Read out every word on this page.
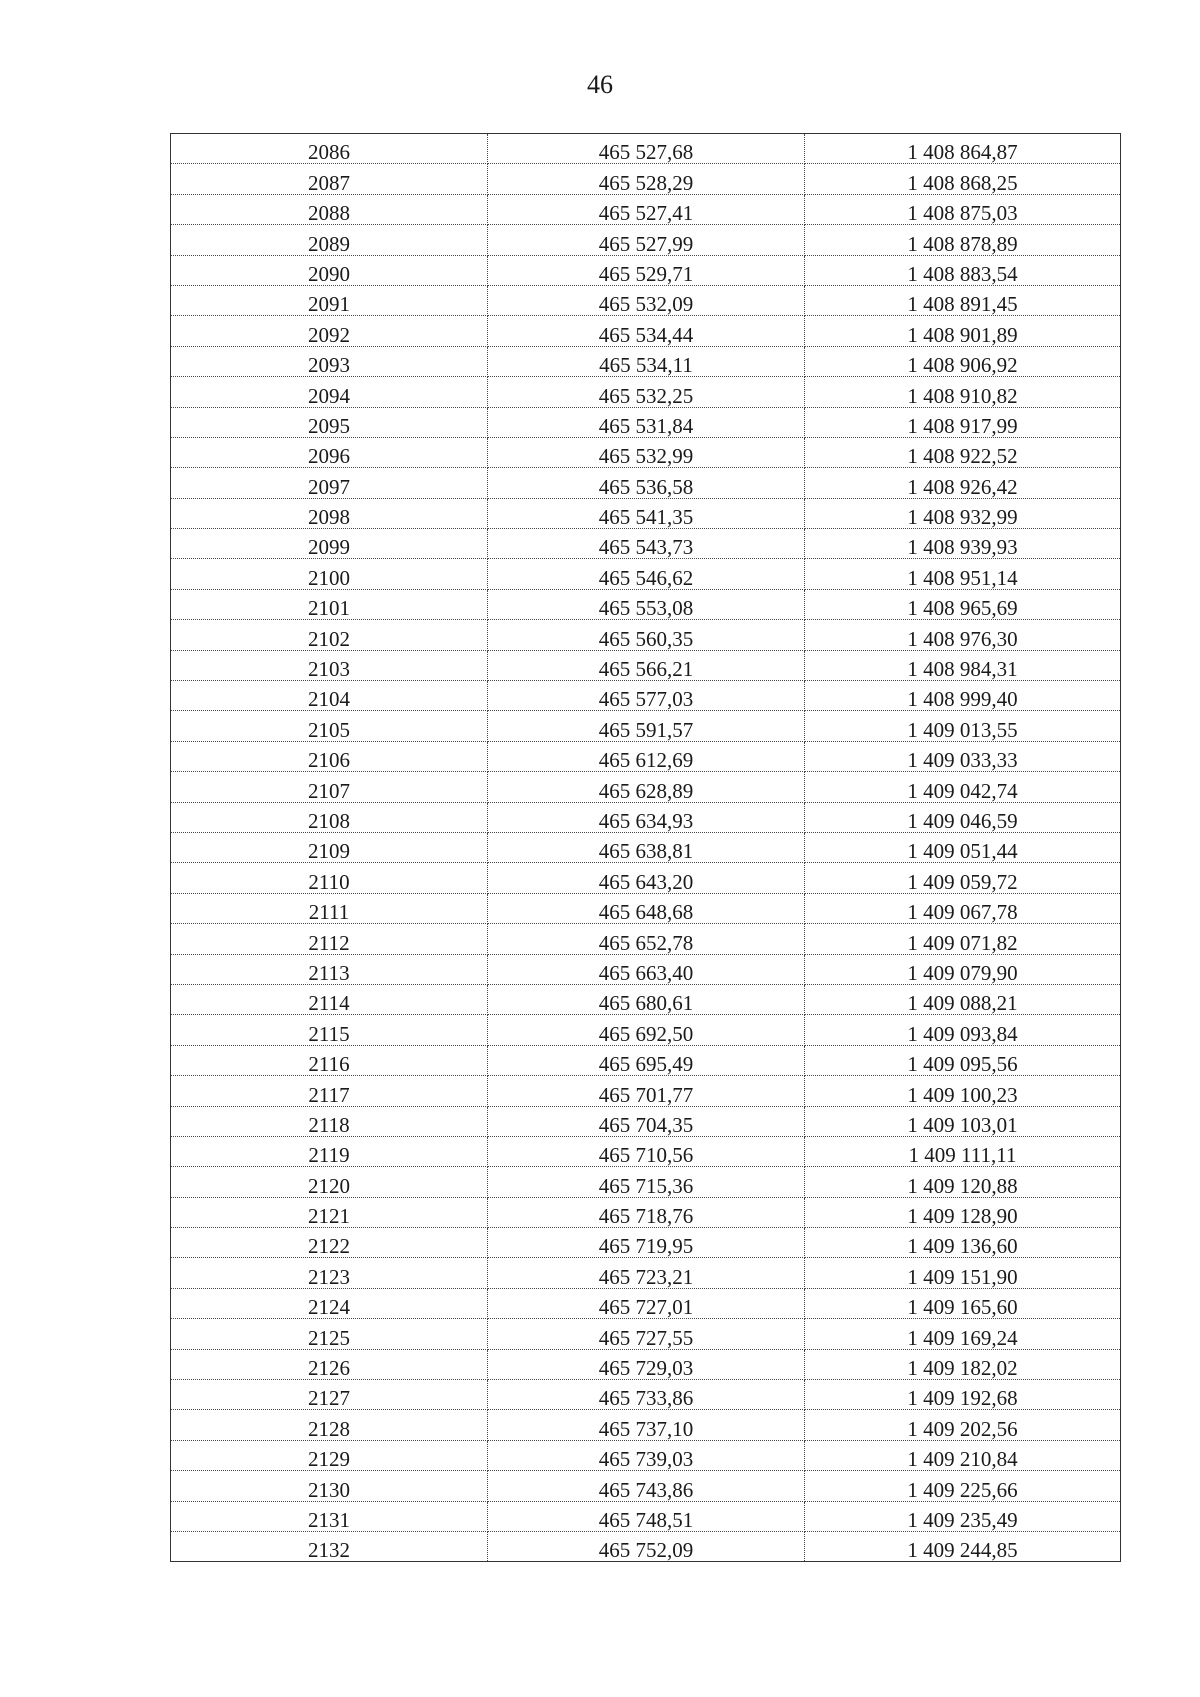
46
2086	465 527,68	1 408 864,87
2087	465 528,29	1 408 868,25
2088	465 527,41	1 408 875,03
2089	465 527,99	1 408 878,89
2090	465 529,71	1 408 883,54
2091	465 532,09	1 408 891,45
2092	465 534,44	1 408 901,89
2093	465 534,11	1 408 906,92
2094	465 532,25	1 408 910,82
2095	465 531,84	1 408 917,99
2096	465 532,99	1 408 922,52
2097	465 536,58	1 408 926,42
2098	465 541,35	1 408 932,99
2099	465 543,73	1 408 939,93
2100	465 546,62	1 408 951,14
2101	465 553,08	1 408 965,69
2102	465 560,35	1 408 976,30
2103	465 566,21	1 408 984,31
2104	465 577,03	1 408 999,40
2105	465 591,57	1 409 013,55
2106	465 612,69	1 409 033,33
2107	465 628,89	1 409 042,74
2108	465 634,93	1 409 046,59
2109	465 638,81	1 409 051,44
2110	465 643,20	1 409 059,72
2111	465 648,68	1 409 067,78
2112	465 652,78	1 409 071,82
2113	465 663,40	1 409 079,90
2114	465 680,61	1 409 088,21
2115	465 692,50	1 409 093,84
2116	465 695,49	1 409 095,56
2117	465 701,77	1 409 100,23
2118	465 704,35	1 409 103,01
2119	465 710,56	1 409 111,11
2120	465 715,36	1 409 120,88
2121	465 718,76	1 409 128,90
2122	465 719,95	1 409 136,60
2123	465 723,21	1 409 151,90
2124	465 727,01	1 409 165,60
2125	465 727,55	1 409 169,24
2126	465 729,03	1 409 182,02
2127	465 733,86	1 409 192,68
2128	465 737,10	1 409 202,56
2129	465 739,03	1 409 210,84
2130	465 743,86	1 409 225,66
2131	465 748,51	1 409 235,49
2132	465 752,09	1 409 244,85
